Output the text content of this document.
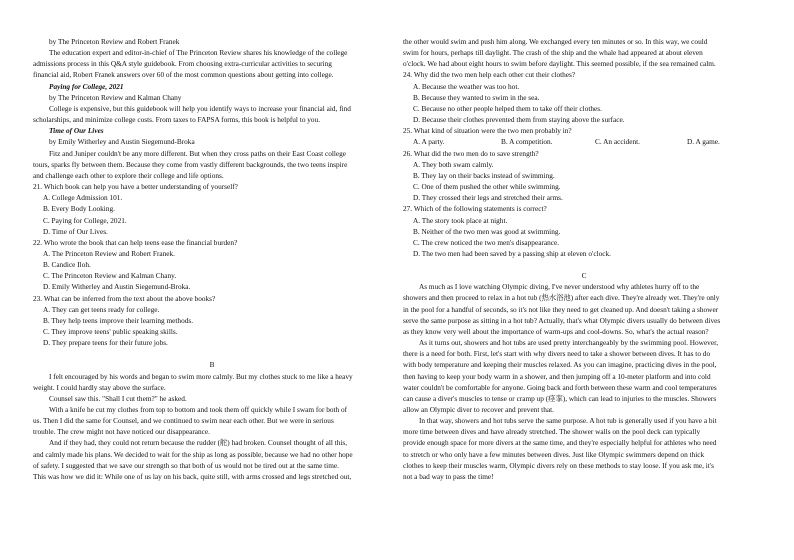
by The Princeton Review and Robert Franek

The education expert and editor-in-chief of The Princeton Review shares his knowledge of the college

admissions process in this Q&A style guidebook. From choosing extra-curricular activities to securing

financial aid, Robert Franek answers over 60 of the most common questions about getting into college.

Paying for College, 2021

by The Princeton Review and Kalman Chany

College is expensive, but this guidebook will help you identify ways to increase your financial aid, find

scholarships, and minimize college costs. From taxes to FAPSA forms, this book is helpful to you.

Time of Our Lives

by Emily Witherley and Austin Siegemund-Broka

Fitz and Juniper couldn't be any more different. But when they cross paths on their East Coast college

tours, sparks fly between them. Because they come from vastly different backgrounds, the two teens inspire

and challenge each other to explore their college and life options.

21. Which book can help you have a better understanding of yourself?

A. College Admission 101.

B. Every Body Looking.

C. Paying for College, 2021.

D. Time of Our Lives.

22. Who wrote the book that can help teens ease the financial burden?

A. The Princeton Review and Robert Franek.

B. Candice Iloh.

C. The Princeton Review and Kalman Chany.

D. Emily Witherley and Austin Siegemund-Broka.

23. What can be inferred from the text about the above books?

A. They can get teens ready for college.

B. They help teens improve their learning methods.

C. They improve teens' public speaking skills.

D. They prepare teens for their future jobs.

B

I felt encouraged by his words and began to swim more calmly. But my clothes stuck to me like a heavy

weight. I could hardly stay above the surface.

Counsel saw this. "Shall I cut them?" he asked.

With a knife he cut my clothes from top to bottom and took them off quickly while I swam for both of

us. Then I did the same for Counsel, and we continued to swim near each other. But we were in serious

trouble. The crew might not have noticed our disappearance.

And if they had, they could not return because the rudder (舵) had broken. Counsel thought of all this,

and calmly made his plans. We decided to wait for the ship as long as possible, because we had no other hope

of safety. I suggested that we save our strength so that both of us would not be tired out at the same time.

This was how we did it: While one of us lay on his back, quite still, with arms crossed and legs stretched out,

the other would swim and push him along. We exchanged every ten minutes or so. In this way, we could

swim for hours, perhaps till daylight. The crash of the ship and the whale had appeared at about eleven

o'clock. We had about eight hours to swim before daylight. This seemed possible, if the sea remained calm.

24. Why did the two men help each other cut their clothes?

A. Because the weather was too hot.

B. Because they wanted to swim in the sea.

C. Because no other people helped them to take off their clothes.

D. Because their clothes prevented them from staying above the surface.

25. What kind of situation were the two men probably in?

A. A party.	B. A competition.	C. An accident.	D. A game.

26. What did the two men do to save strength?

A. They both swam calmly.

B. They lay on their backs instead of swimming.

C. One of them pushed the other while swimming.

D. They crossed their legs and stretched their arms.

27. Which of the following statements is correct?

A. The story took place at night.

B. Neither of the two men was good at swimming.

C. The crew noticed the two men's disappearance.

D. The two men had been saved by a passing ship at eleven o'clock.

C

As much as I love watching Olympic diving, I've never understood why athletes hurry off to the

showers and then proceed to relax in a hot tub (热水浴池) after each dive. They're already wet. They're only

in the pool for a handful of seconds, so it's not like they need to get cleaned up. And doesn't taking a shower

serve the same purpose as sitting in a hot tub? Actually, that's what Olympic divers usually do between dives

as they know very well about the importance of warm-ups and cool-downs. So, what's the actual reason?

As it turns out, showers and hot tubs are used pretty interchangeably by the swimming pool. However,

there is a need for both. First, let's start with why divers need to take a shower between dives. It has to do

with body temperature and keeping their muscles relaxed. As you can imagine, practicing dives in the pool,

then having to keep your body warm in a shower, and then jumping off a 10-meter platform and into cold

water couldn't be comfortable for anyone. Going back and forth between these warm and cool temperatures

can cause a diver's muscles to tense or cramp up (痉挛), which can lead to injuries to the muscles. Showers

allow an Olympic diver to recover and prevent that.

In that way, showers and hot tubs serve the same purpose. A hot tub is generally used if you have a bit

more time between dives and have already stretched. The shower walls on the pool deck can typically

provide enough space for more divers at the same time, and they're especially helpful for athletes who need

to stretch or who only have a few minutes between dives. Just like Olympic swimmers depend on thick

clothes to keep their muscles warm, Olympic divers rely on these methods to stay loose. If you ask me, it's

not a bad way to pass the time!
